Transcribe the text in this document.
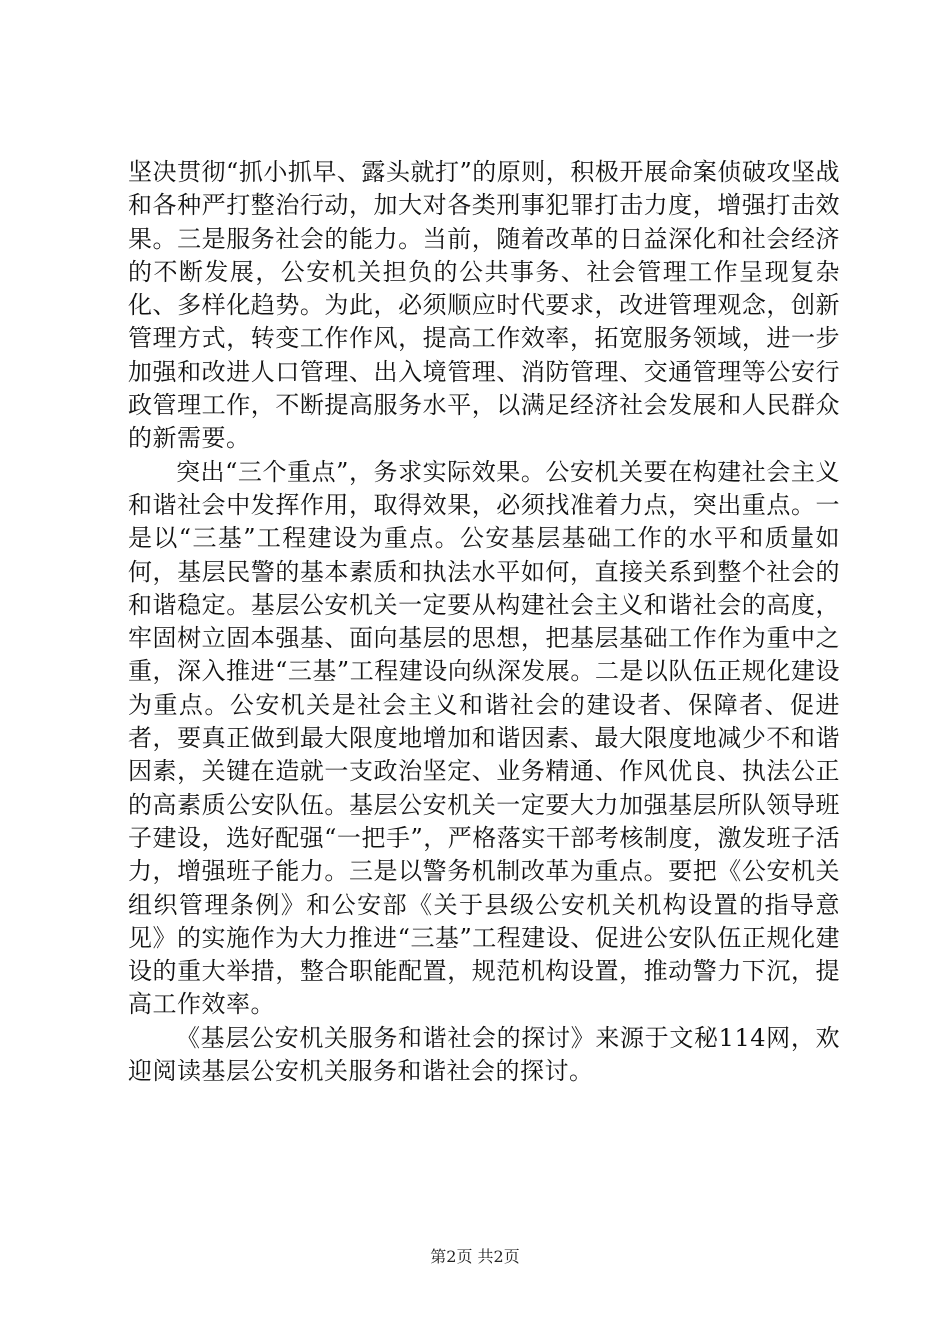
坚决贯彻“抓小抓早、露头就打”的原则，积极开展命案侦破攻坚战和各种严打整治行动，加大对各类刑事犯罪打击力度，增强打击效果。三是服务社会的能力。当前，随着改革的日益深化和社会经济的不断发展，公安机关担负的公共事务、社会管理工作呈现复杂化、多样化趋势。为此，必须顺应时代要求，改进管理观念，创新管理方式，转变工作作风，提高工作效率，拓宽服务领域，进一步加强和改进人口管理、出入境管理、消防管理、交通管理等公安行政管理工作，不断提高服务水平，以满足经济社会发展和人民群众的新需要。

突出“三个重点”，务求实际效果。公安机关要在构建社会主义和谐社会中发挥作用，取得效果，必须找准着力点，突出重点。一是以“三基”工程建设为重点。公安基层基础工作的水平和质量如何，基层民警的基本素质和执法水平如何，直接关系到整个社会的和谐稳定。基层公安机关一定要从构建社会主义和谐社会的高度，牢固树立固本强基、面向基层的思想，把基层基础工作作为重中之重，深入推进“三基”工程建设向纵深发展。二是以队伍正规化建设为重点。公安机关是社会主义和谐社会的建设者、保障者、促进者，要真正做到最大限度地增加和谐因素、最大限度地减少不和谐因素，关键在造就一支政治坚定、业务精通、作风优良、执法公正的高素质公安队伍。基层公安机关一定要大力加强基层所队领导班子建设，选好配强“一把手”，严格落实干部考核制度，激发班子活力，增强班子能力。三是以警务机制改革为重点。要把《公安机关组织管理条例》和公安部《关于县级公安机关机构设置的指导意见》的实施作为大力推进“三基”工程建设、促进公安队伍正规化建设的重大举措，整合职能配置，规范机构设置，推动警力下沉，提高工作效率。

《基层公安机关服务和谐社会的探讨》来源于文秘114网，欢迎阅读基层公安机关服务和谐社会的探讨。

第2页 共2页
